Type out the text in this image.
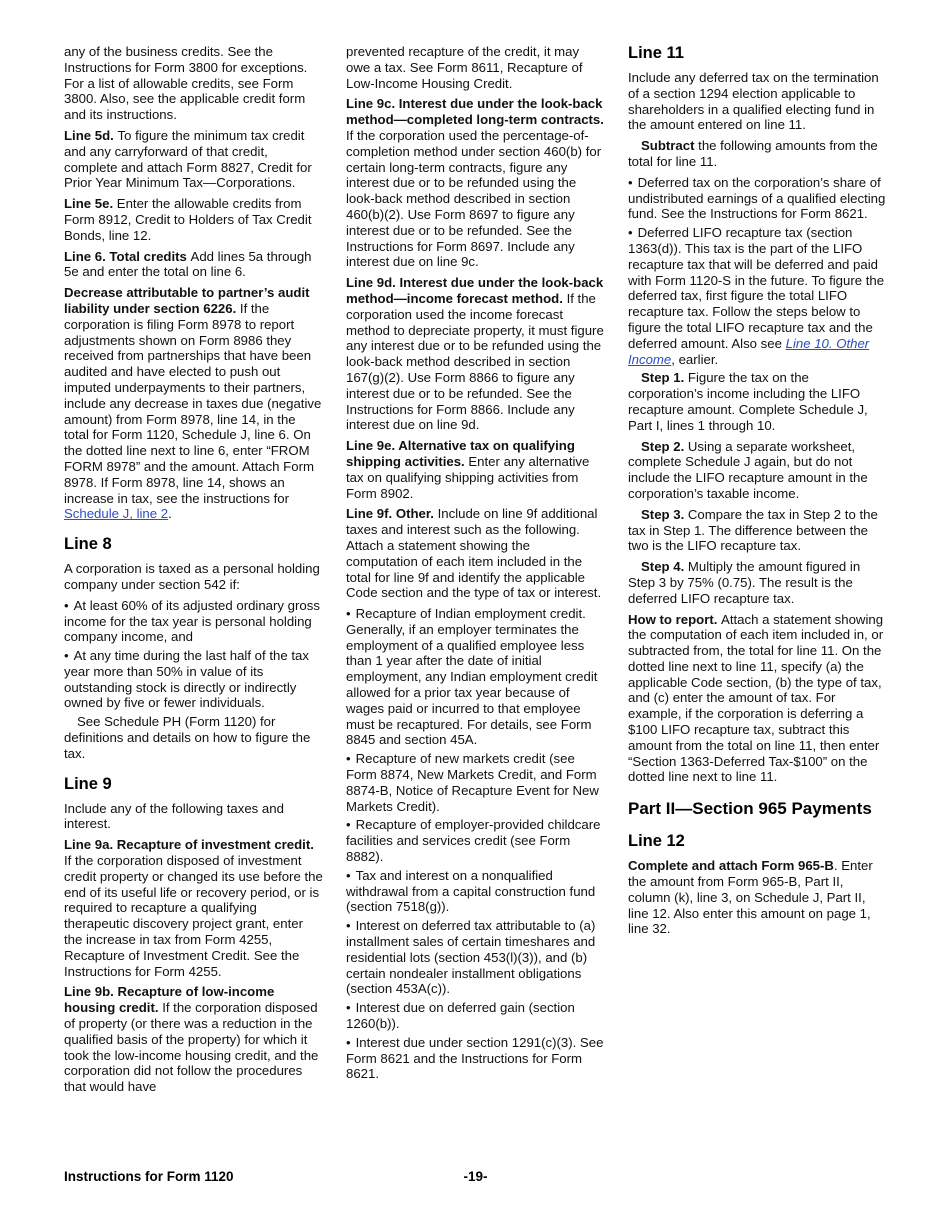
any of the business credits. See the Instructions for Form 3800 for exceptions. For a list of allowable credits, see Form 3800. Also, see the applicable credit form and its instructions.

Line 5d. To figure the minimum tax credit and any carryforward of that credit, complete and attach Form 8827, Credit for Prior Year Minimum Tax—Corporations.

Line 5e. Enter the allowable credits from Form 8912, Credit to Holders of Tax Credit Bonds, line 12.

Line 6. Total credits Add lines 5a through 5e and enter the total on line 6.

Decrease attributable to partner’s audit liability under section 6226. If the corporation is filing Form 8978 to report adjustments shown on Form 8986 they received from partnerships that have been audited and have elected to push out imputed underpayments to their partners, include any decrease in taxes due (negative amount) from Form 8978, line 14, in the total for Form 1120, Schedule J, line 6. On the dotted line next to line 6, enter “FROM FORM 8978” and the amount. Attach Form 8978. If Form 8978, line 14, shows an increase in tax, see the instructions for Schedule J, line 2.

Line 8

A corporation is taxed as a personal holding company under section 542 if:

• At least 60% of its adjusted ordinary gross income for the tax year is personal holding company income, and

• At any time during the last half of the tax year more than 50% in value of its outstanding stock is directly or indirectly owned by five or fewer individuals.

See Schedule PH (Form 1120) for definitions and details on how to figure the tax.

Line 9

Include any of the following taxes and interest.

Line 9a. Recapture of investment credit. If the corporation disposed of investment credit property or changed its use before the end of its useful life or recovery period, or is required to recapture a qualifying therapeutic discovery project grant, enter the increase in tax from Form 4255, Recapture of Investment Credit. See the Instructions for Form 4255.

Line 9b. Recapture of low-income housing credit. If the corporation disposed of property (or there was a reduction in the qualified basis of the property) for which it took the low-income housing credit, and the corporation did not follow the procedures that would have

prevented recapture of the credit, it may owe a tax. See Form 8611, Recapture of Low-Income Housing Credit.

Line 9c. Interest due under the look-back method—completed long-term contracts. If the corporation used the percentage-of-completion method under section 460(b) for certain long-term contracts, figure any interest due or to be refunded using the look-back method described in section 460(b)(2). Use Form 8697 to figure any interest due or to be refunded. See the Instructions for Form 8697. Include any interest due on line 9c.

Line 9d. Interest due under the look-back method—income forecast method. If the corporation used the income forecast method to depreciate property, it must figure any interest due or to be refunded using the look-back method described in section 167(g)(2). Use Form 8866 to figure any interest due or to be refunded. See the Instructions for Form 8866. Include any interest due on line 9d.

Line 9e. Alternative tax on qualifying shipping activities. Enter any alternative tax on qualifying shipping activities from Form 8902.

Line 9f. Other. Include on line 9f additional taxes and interest such as the following. Attach a statement showing the computation of each item included in the total for line 9f and identify the applicable Code section and the type of tax or interest.

• Recapture of Indian employment credit. Generally, if an employer terminates the employment of a qualified employee less than 1 year after the date of initial employment, any Indian employment credit allowed for a prior tax year because of wages paid or incurred to that employee must be recaptured. For details, see Form 8845 and section 45A.

• Recapture of new markets credit (see Form 8874, New Markets Credit, and Form 8874-B, Notice of Recapture Event for New Markets Credit).

• Recapture of employer-provided childcare facilities and services credit (see Form 8882).

• Tax and interest on a nonqualified withdrawal from a capital construction fund (section 7518(g)).

• Interest on deferred tax attributable to (a) installment sales of certain timeshares and residential lots (section 453(l)(3)), and (b) certain nondealer installment obligations (section 453A(c)).

• Interest due on deferred gain (section 1260(b)).

• Interest due under section 1291(c)(3). See Form 8621 and the Instructions for Form 8621.

Line 11

Include any deferred tax on the termination of a section 1294 election applicable to shareholders in a qualified electing fund in the amount entered on line 11.

Subtract the following amounts from the total for line 11.

• Deferred tax on the corporation’s share of undistributed earnings of a qualified electing fund. See the Instructions for Form 8621.

• Deferred LIFO recapture tax (section 1363(d)). This tax is the part of the LIFO recapture tax that will be deferred and paid with Form 1120-S in the future. To figure the deferred tax, first figure the total LIFO recapture tax. Follow the steps below to figure the total LIFO recapture tax and the deferred amount. Also see Line 10. Other Income, earlier.

Step 1. Figure the tax on the corporation’s income including the LIFO recapture amount. Complete Schedule J, Part I, lines 1 through 10.

Step 2. Using a separate worksheet, complete Schedule J again, but do not include the LIFO recapture amount in the corporation’s taxable income.

Step 3. Compare the tax in Step 2 to the tax in Step 1. The difference between the two is the LIFO recapture tax.

Step 4. Multiply the amount figured in Step 3 by 75% (0.75). The result is the deferred LIFO recapture tax.

How to report. Attach a statement showing the computation of each item included in, or subtracted from, the total for line 11. On the dotted line next to line 11, specify (a) the applicable Code section, (b) the type of tax, and (c) enter the amount of tax. For example, if the corporation is deferring a $100 LIFO recapture tax, subtract this amount from the total on line 11, then enter “Section 1363-Deferred Tax-$100” on the dotted line next to line 11.

Part II—Section 965 Payments
Line 12

Complete and attach Form 965-B. Enter the amount from Form 965-B, Part II, column (k), line 3, on Schedule J, Part II, line 12. Also enter this amount on page 1, line 32.

-19-
Instructions for Form 1120
